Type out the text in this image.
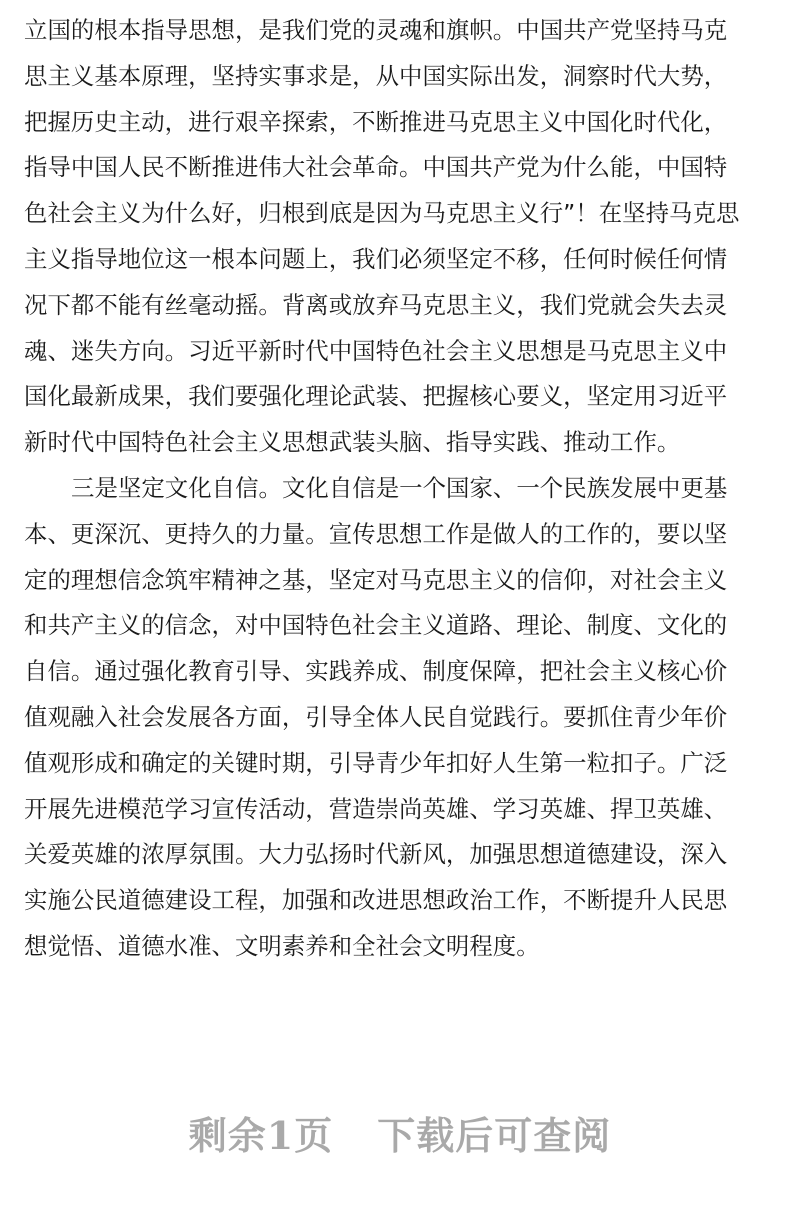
立国的根本指导思想，是我们党的灵魂和旗帜。中国共产党坚持马克
思主义基本原理，坚持实事求是，从中国实际出发，洞察时代大势，
把握历史主动，进行艰辛探索，不断推进马克思主义中国化时代化，
指导中国人民不断推进伟大社会革命。中国共产党为什么能，中国特
色社会主义为什么好，归根到底是因为马克思主义行”！在坚持马克思
主义指导地位这一根本问题上，我们必须坚定不移，任何时候任何情
况下都不能有丝毫动摇。背离或放弃马克思主义，我们党就会失去灵
魂、迷失方向。习近平新时代中国特色社会主义思想是马克思主义中
国化最新成果，我们要强化理论武装、把握核心要义，坚定用习近平
新时代中国特色社会主义思想武装头脑、指导实践、推动工作。
三是坚定文化自信。文化自信是一个国家、一个民族发展中更基
本、更深沉、更持久的力量。宣传思想工作是做人的工作的，要以坚
定的理想信念筑牢精神之基，坚定对马克思主义的信仰，对社会主义
和共产主义的信念，对中国特色社会主义道路、理论、制度、文化的
自信。通过强化教育引导、实践养成、制度保障，把社会主义核心价
值观融入社会发展各方面，引导全体人民自觉践行。要抓住青少年价
值观形成和确定的关键时期，引导青少年扣好人生第一粒扣子。广泛
开展先进模范学习宣传活动，营造崇尚英雄、学习英雄、捍卫英雄、
关爱英雄的浓厚氛围。大力弘扬时代新风，加强思想道德建设，深入
实施公民道德建设工程，加强和改进思想政治工作，不断提升人民思
想觉悟、道德水准、文明素养和全社会文明程度。
剩余1页 下载后可查阅
